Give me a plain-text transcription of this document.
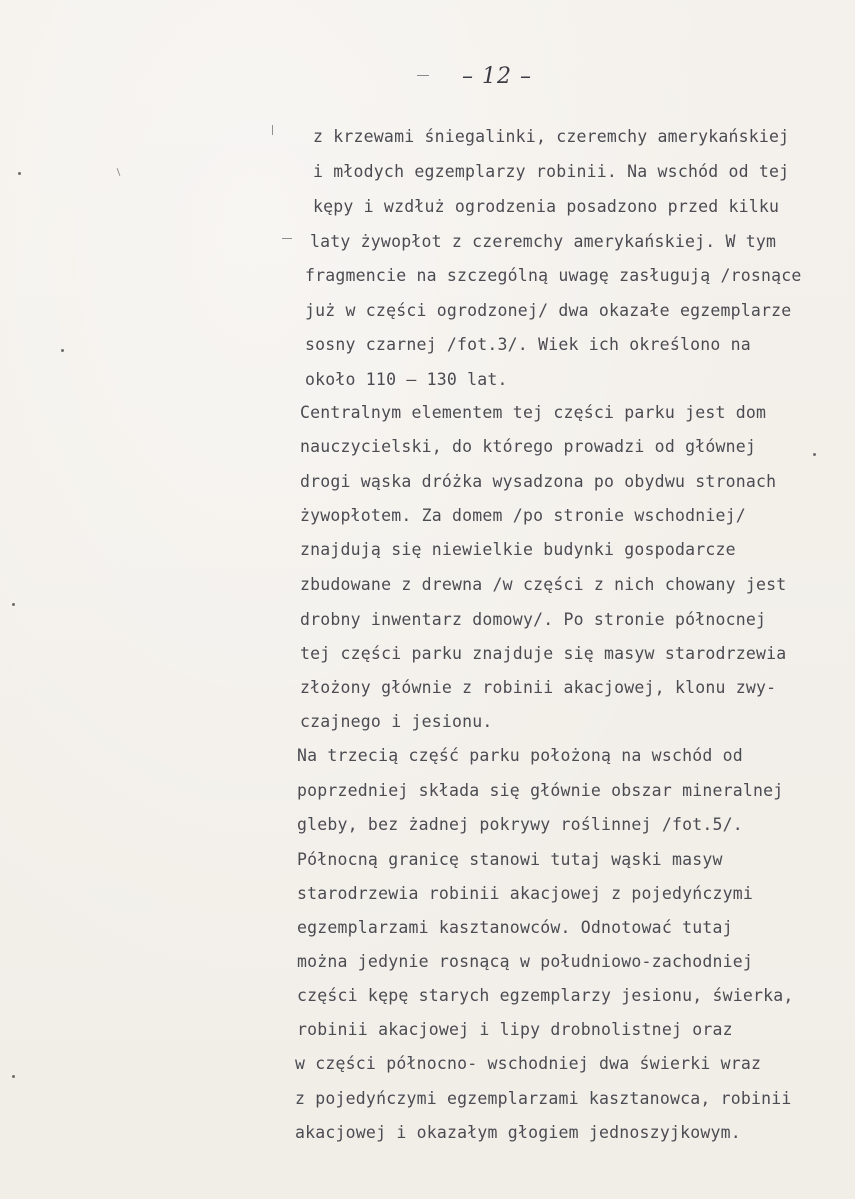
– 12 –
z krzewami śniegalinki, czeremchy amerykańskiej
i młodych egzemplarzy robinii. Na wschód od tej
kępy i wzdłuż ogrodzenia posadzono przed kilku
laty żywopłot z czeremchy amerykańskiej. W tym
fragmencie na szczególną uwagę zasługują /rosnące
już w części ogrodzonej/ dwa okazałe egzemplarze
sosny czarnej /fot.3/. Wiek ich określono na
około 110 – 130 lat.
Centralnym elementem tej części parku jest dom
nauczycielski, do którego prowadzi od głównej
drogi wąska dróżka wysadzona po obydwu stronach
żywopłotem. Za domem /po stronie wschodniej/
znajdują się niewielkie budynki gospodarcze
zbudowane z drewna /w części z nich chowany jest
drobny inwentarz domowy/. Po stronie północnej
tej części parku znajduje się masyw starodrzewia
złożony głównie z robinii akacjowej, klonu zwy-
czajnego i jesionu.
Na trzecią część parku położoną na wschód od
poprzedniej składa się głównie obszar mineralnej
gleby, bez żadnej pokrywy roślinnej /fot.5/.
Północną granicę stanowi tutaj wąski masyw
starodrzewia robinii akacjowej z pojedyńczymi
egzemplarzami kasztanowców. Odnotować tutaj
można jedynie rosnącą w południowo-zachodniej
części kępę starych egzemplarzy jesionu, świerka,
robinii akacjowej i lipy drobnolistnej oraz
w części północno- wschodniej dwa świerki wraz
z pojedyńczymi egzemplarzami kasztanowca, robinii
akacjowej i okazałym głogiem jednoszyjkowym.
